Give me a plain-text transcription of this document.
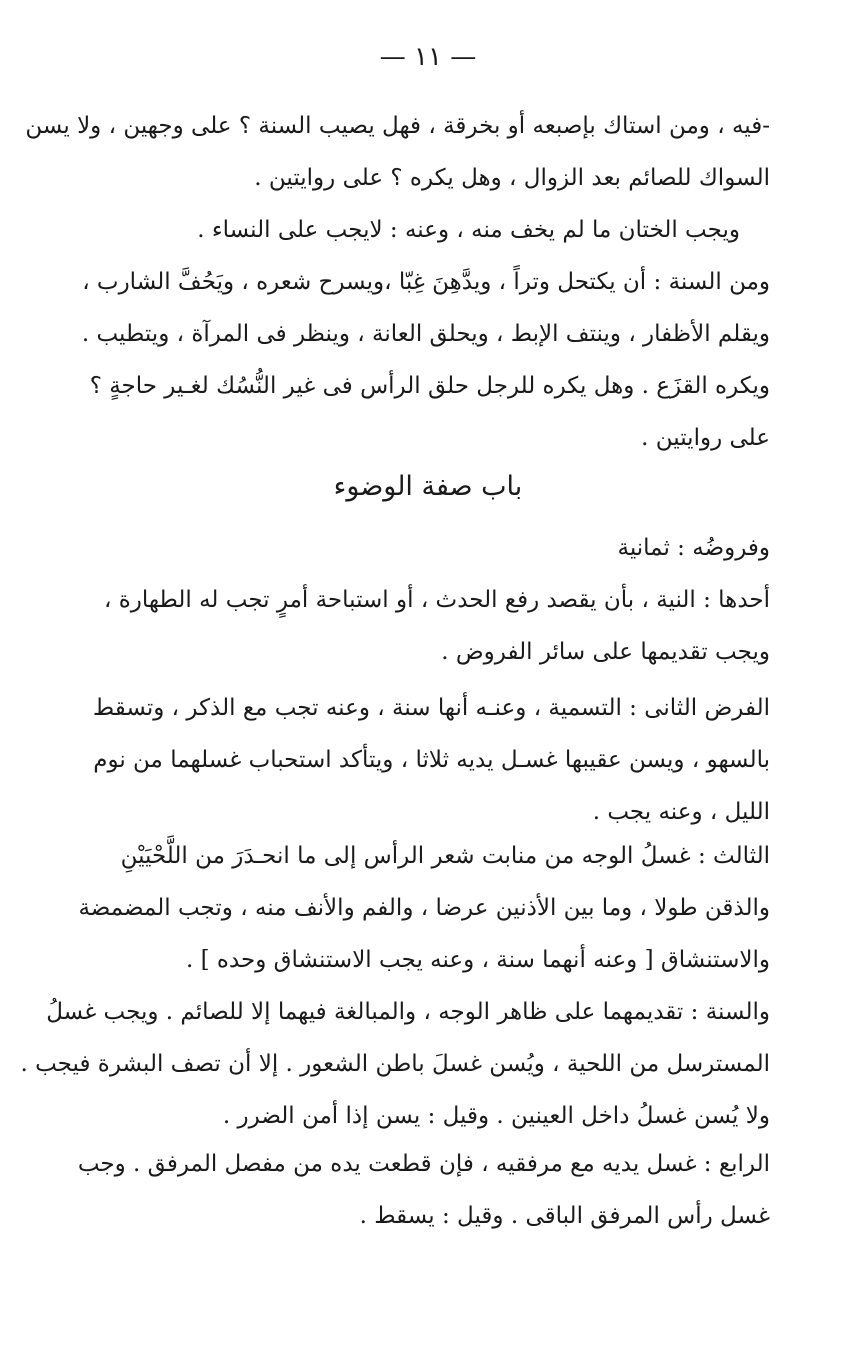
— ١١ —
-فيه ، ومن استاك بإصبعه أو بخرقة ، فهل يصيب السنة ؟ على وجهين ، ولا يسن
السواك للصائم بعد الزوال ، وهل يكره ؟ على روايتين .
ويجب الختان ما لم يخف منه ، وعنه : لايجب على النساء .
ومن السنة : أن يكتحل وتراً ، ويدَّهِنَ غِبّا ،ويسرح شعره ، ويَحُفَّ الشارب ،
ويقلم الأظفار ، وينتف الإبط ، ويحلق العانة ، وينظر فى المرآة ، ويتطيب .
ويكره القزَع . وهل يكره للرجل حلق الرأس فى غير النُّسُك لغـير حاجةٍ ؟
على روايتين .
باب صفة الوضوء
وفروضُه : ثمانية
أحدها : النية ، بأن يقصد رفع الحدث ، أو استباحة أمرٍ تجب له الطهارة ،
ويجب تقديمها على سائر الفروض .
الفرض الثانى : التسمية ، وعنـه أنها سنة ، وعنه تجب مع الذكر ، وتسقط
بالسهو ، ويسن عقيبها غسـل يديه ثلاثا ، ويتأكد استحباب غسلهما من نوم
الليل ، وعنه يجب .
الثالث : غسلُ الوجه من منابت شعر الرأس إلى ما انحـدَرَ من اللَّحْيَيْنِ
والذقن طولا ، وما بين الأذنين عرضا ، والفم والأنف منه ، وتجب المضمضة
والاستنشاق [ وعنه أنهما سنة ، وعنه يجب الاستنشاق وحده ] .
والسنة : تقديمهما على ظاهر الوجه ، والمبالغة فيهما إلا للصائم . ويجب غسلُ
المسترسل من اللحية ، ويُسن غسلَ باطن الشعور . إلا أن تصف البشرة فيجب .
ولا يُسن غسلُ داخل العينين . وقيل : يسن إذا أمن الضرر .
الرابع : غسل يديه مع مرفقيه ، فإن قطعت يده من مفصل المرفق . وجب
غسل رأس المرفق الباقى . وقيل : يسقط .
